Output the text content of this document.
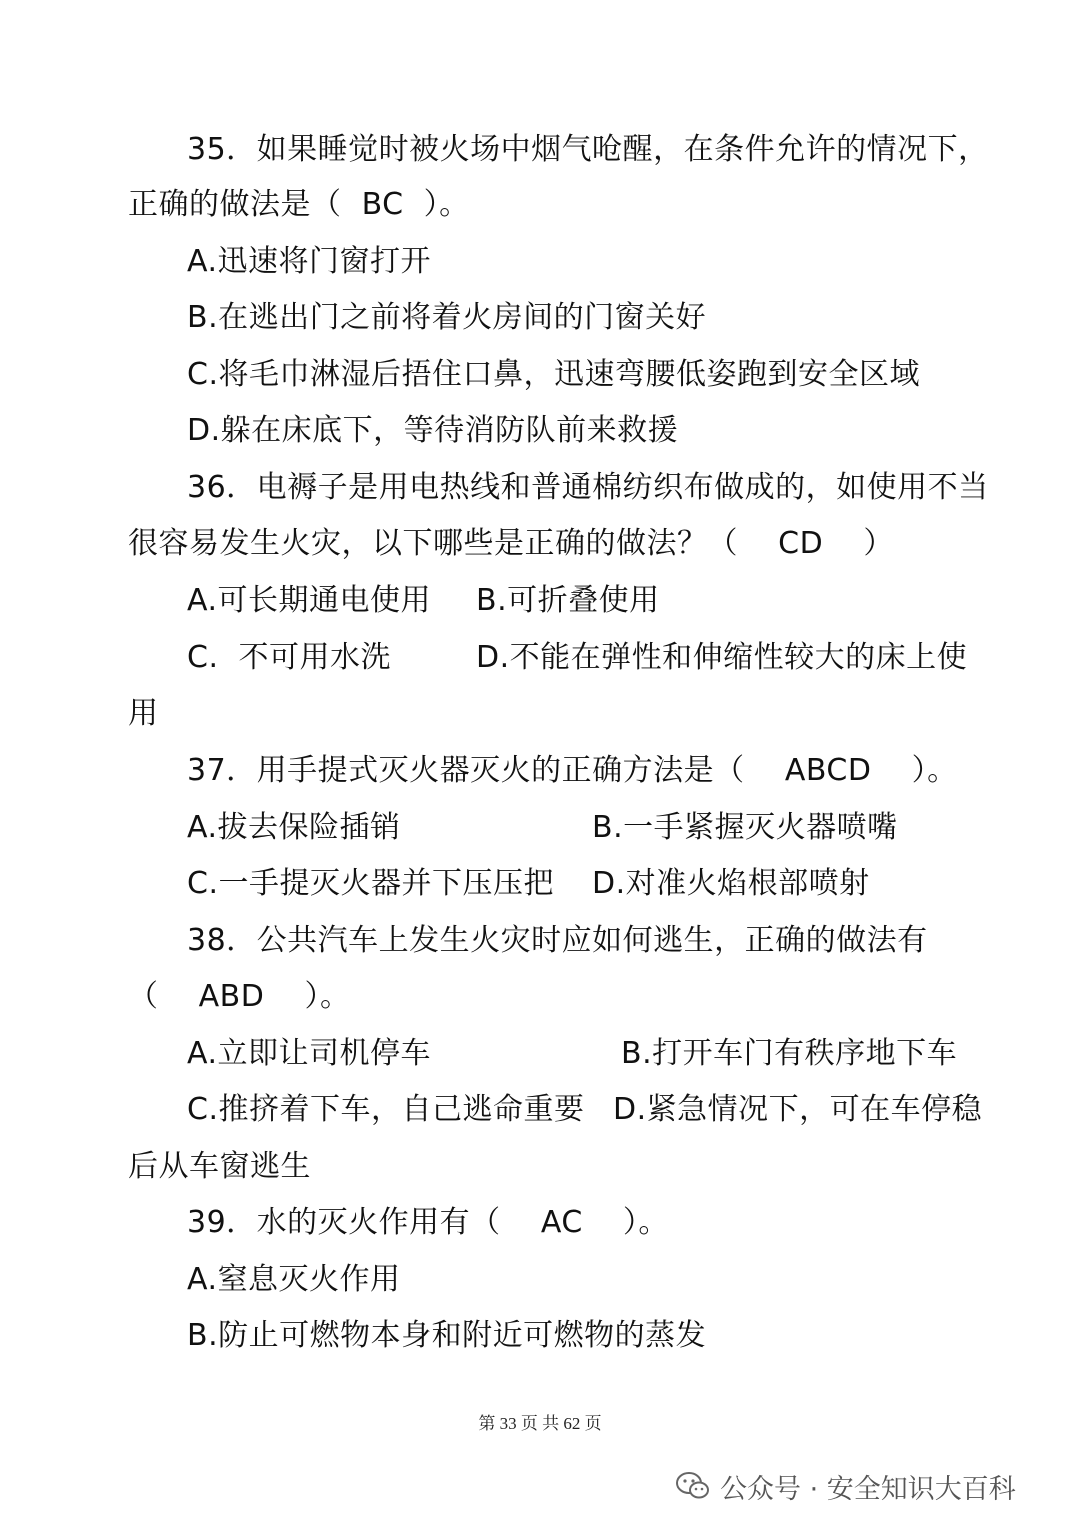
35．如果睡觉时被火场中烟气呛醒，在条件允许的情况下，
正确的做法是（  BC  ）。
A.迅速将门窗打开
B.在逃出门之前将着火房间的门窗关好
C.将毛巾淋湿后捂住口鼻，迅速弯腰低姿跑到安全区域
D.躲在床底下，等待消防队前来救援
36．电褥子是用电热线和普通棉纺织布做成的，如使用不当
很容易发生火灾，以下哪些是正确的做法？（    CD    ）
A.可长期通电使用 B.可折叠使用
C.  不可用水洗	D.不能在弹性和伸缩性较大的床上使
用
37．用手提式灭火器灭火的正确方法是（    ABCD    ）。
A.拔去保险插销	B.一手紧握灭火器喷嘴
C.一手提灭火器并下压压把 D.对准火焰根部喷射
38．公共汽车上发生火灾时应如何逃生，正确的做法有
（    ABD    ）。
A.立即让司机停车	B.打开车门有秩序地下车
C.推挤着下车，自己逃命重要 D.紧急情况下，可在车停稳
后从车窗逃生
39．水的灭火作用有（    AC    ）。
A.窒息灭火作用
B.防止可燃物本身和附近可燃物的蒸发
第 33 页 共 62 页
公众号 · 安全知识大百科
